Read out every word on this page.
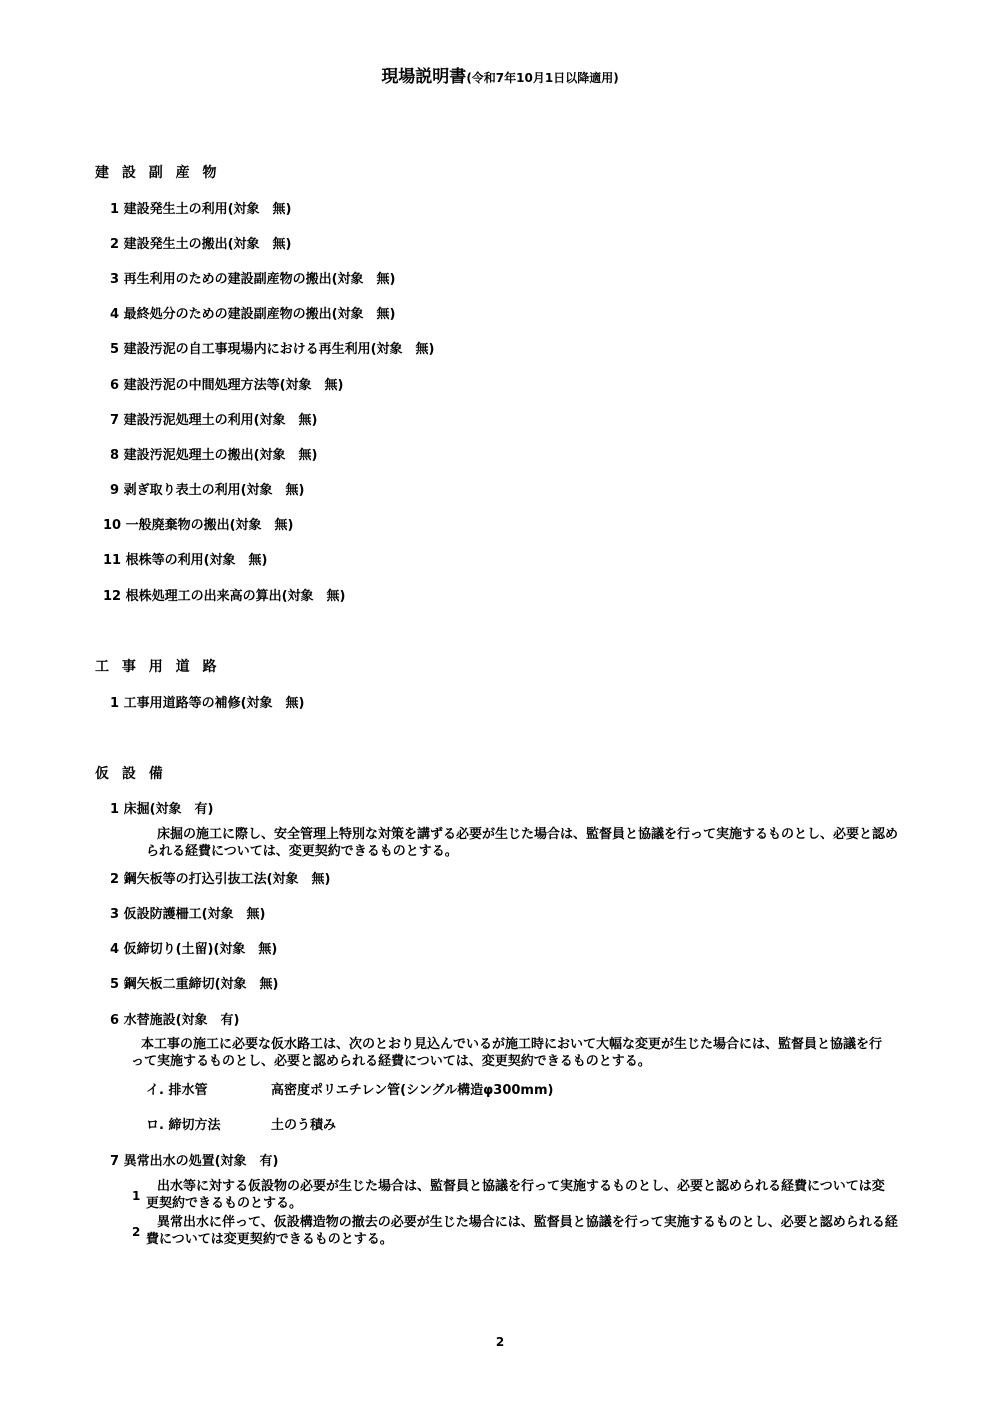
現場説明書(令和7年10月1日以降適用)
建 設 副 産 物
1 建設発生土の利用(対象　無)
2 建設発生土の搬出(対象　無)
3 再生利用のための建設副産物の搬出(対象　無)
4 最終処分のための建設副産物の搬出(対象　無)
5 建設汚泥の自工事現場内における再生利用(対象　無)
6 建設汚泥の中間処理方法等(対象　無)
7 建設汚泥処理土の利用(対象　無)
8 建設汚泥処理土の搬出(対象　無)
9 剥ぎ取り表土の利用(対象　無)
10 一般廃棄物の搬出(対象　無)
11 根株等の利用(対象　無)
12 根株処理工の出来高の算出(対象　無)
工 事 用 道 路
1 工事用道路等の補修(対象　無)
仮 設 備
1 床掘(対象　有)
床掘の施工に際し、安全管理上特別な対策を講ずる必要が生じた場合は、監督員と協議を行って実施するものとし、必要と認められる経費については、変更契約できるものとする。
2 鋼矢板等の打込引抜工法(対象　無)
3 仮設防護柵工(対象　無)
4 仮締切り(土留)(対象　無)
5 鋼矢板二重締切(対象　無)
6 水替施設(対象　有)
本工事の施工に必要な仮水路工は、次のとおり見込んでいるが施工時において大幅な変更が生じた場合には、監督員と協議を行って実施するものとし、必要と認められる経費については、変更契約できるものとする。
イ. 排水管	高密度ポリエチレン管(シングル構造φ300mm)
ロ. 締切方法	土のう積み
7 異常出水の処置(対象　有)
1
出水等に対する仮設物の必要が生じた場合は、監督員と協議を行って実施するものとし、必要と認められる経費については変更契約できるものとする。
2
異常出水に伴って、仮設構造物の撤去の必要が生じた場合には、監督員と協議を行って実施するものとし、必要と認められる経費については変更契約できるものとする。
2
